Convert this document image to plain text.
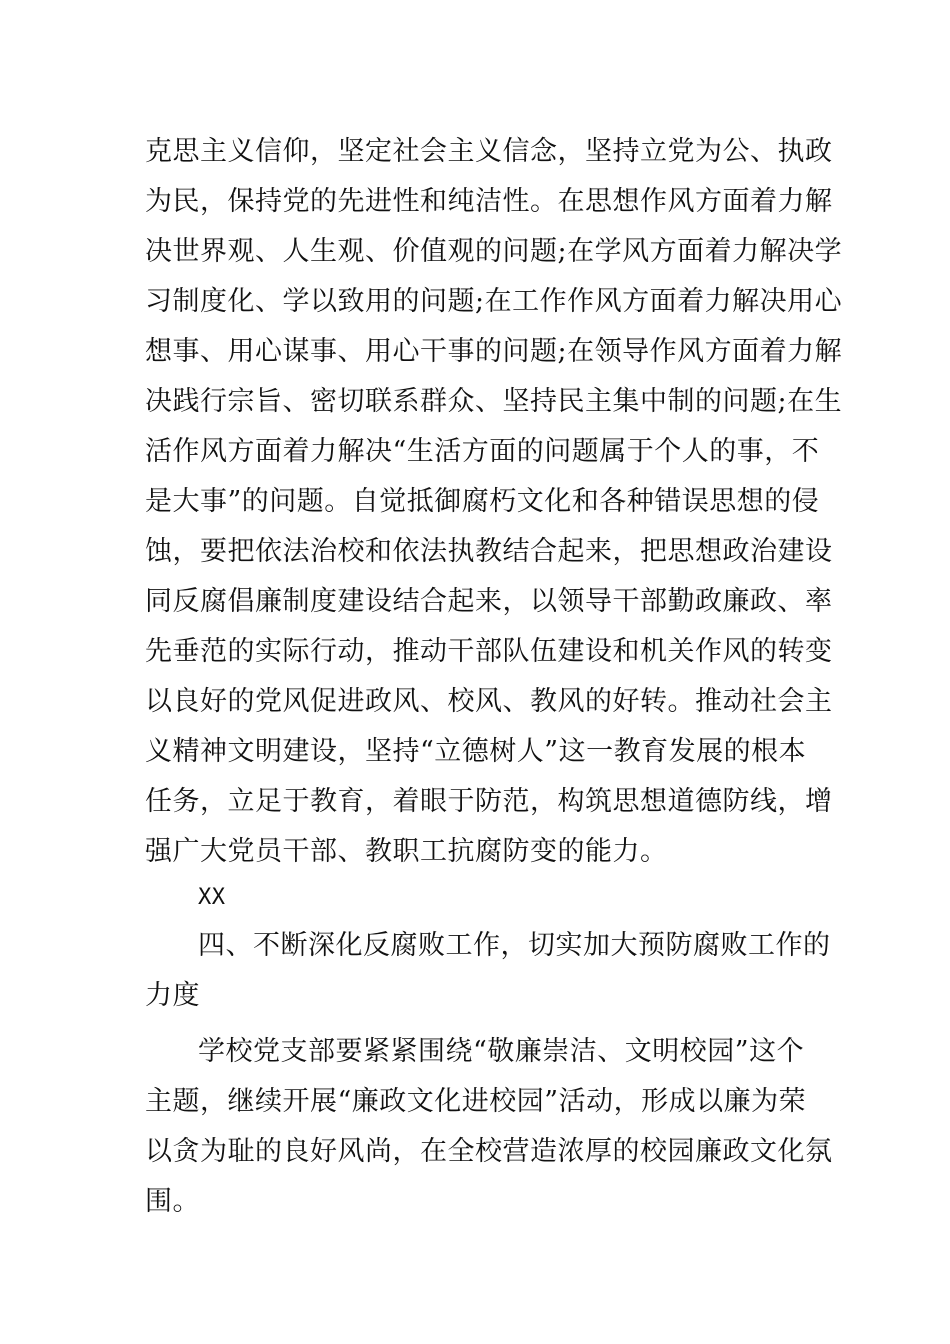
克思主义信仰，坚定社会主义信念，坚持立党为公、执政
为民，保持党的先进性和纯洁性。在思想作风方面着力解
决世界观、人生观、价值观的问题;在学风方面着力解决学
习制度化、学以致用的问题;在工作作风方面着力解决用心
想事、用心谋事、用心干事的问题;在领导作风方面着力解
决践行宗旨、密切联系群众、坚持民主集中制的问题;在生
活作风方面着力解决“生活方面的问题属于个人的事，不
是大事”的问题。自觉抵御腐朽文化和各种错误思想的侵
蚀，要把依法治校和依法执教结合起来，把思想政治建设
同反腐倡廉制度建设结合起来，以领导干部勤政廉政、率
先垂范的实际行动，推动干部队伍建设和机关作风的转变
以良好的党风促进政风、校风、教风的好转。推动社会主
义精神文明建设，坚持“立德树人”这一教育发展的根本
任务，立足于教育，着眼于防范，构筑思想道德防线，增
强广大党员干部、教职工抗腐防变的能力。
XX
四、不断深化反腐败工作，切实加大预防腐败工作的
力度
学校党支部要紧紧围绕“敬廉崇洁、文明校园”这个
主题，继续开展“廉政文化进校园”活动，形成以廉为荣
以贪为耻的良好风尚，在全校营造浓厚的校园廉政文化氛
围。
